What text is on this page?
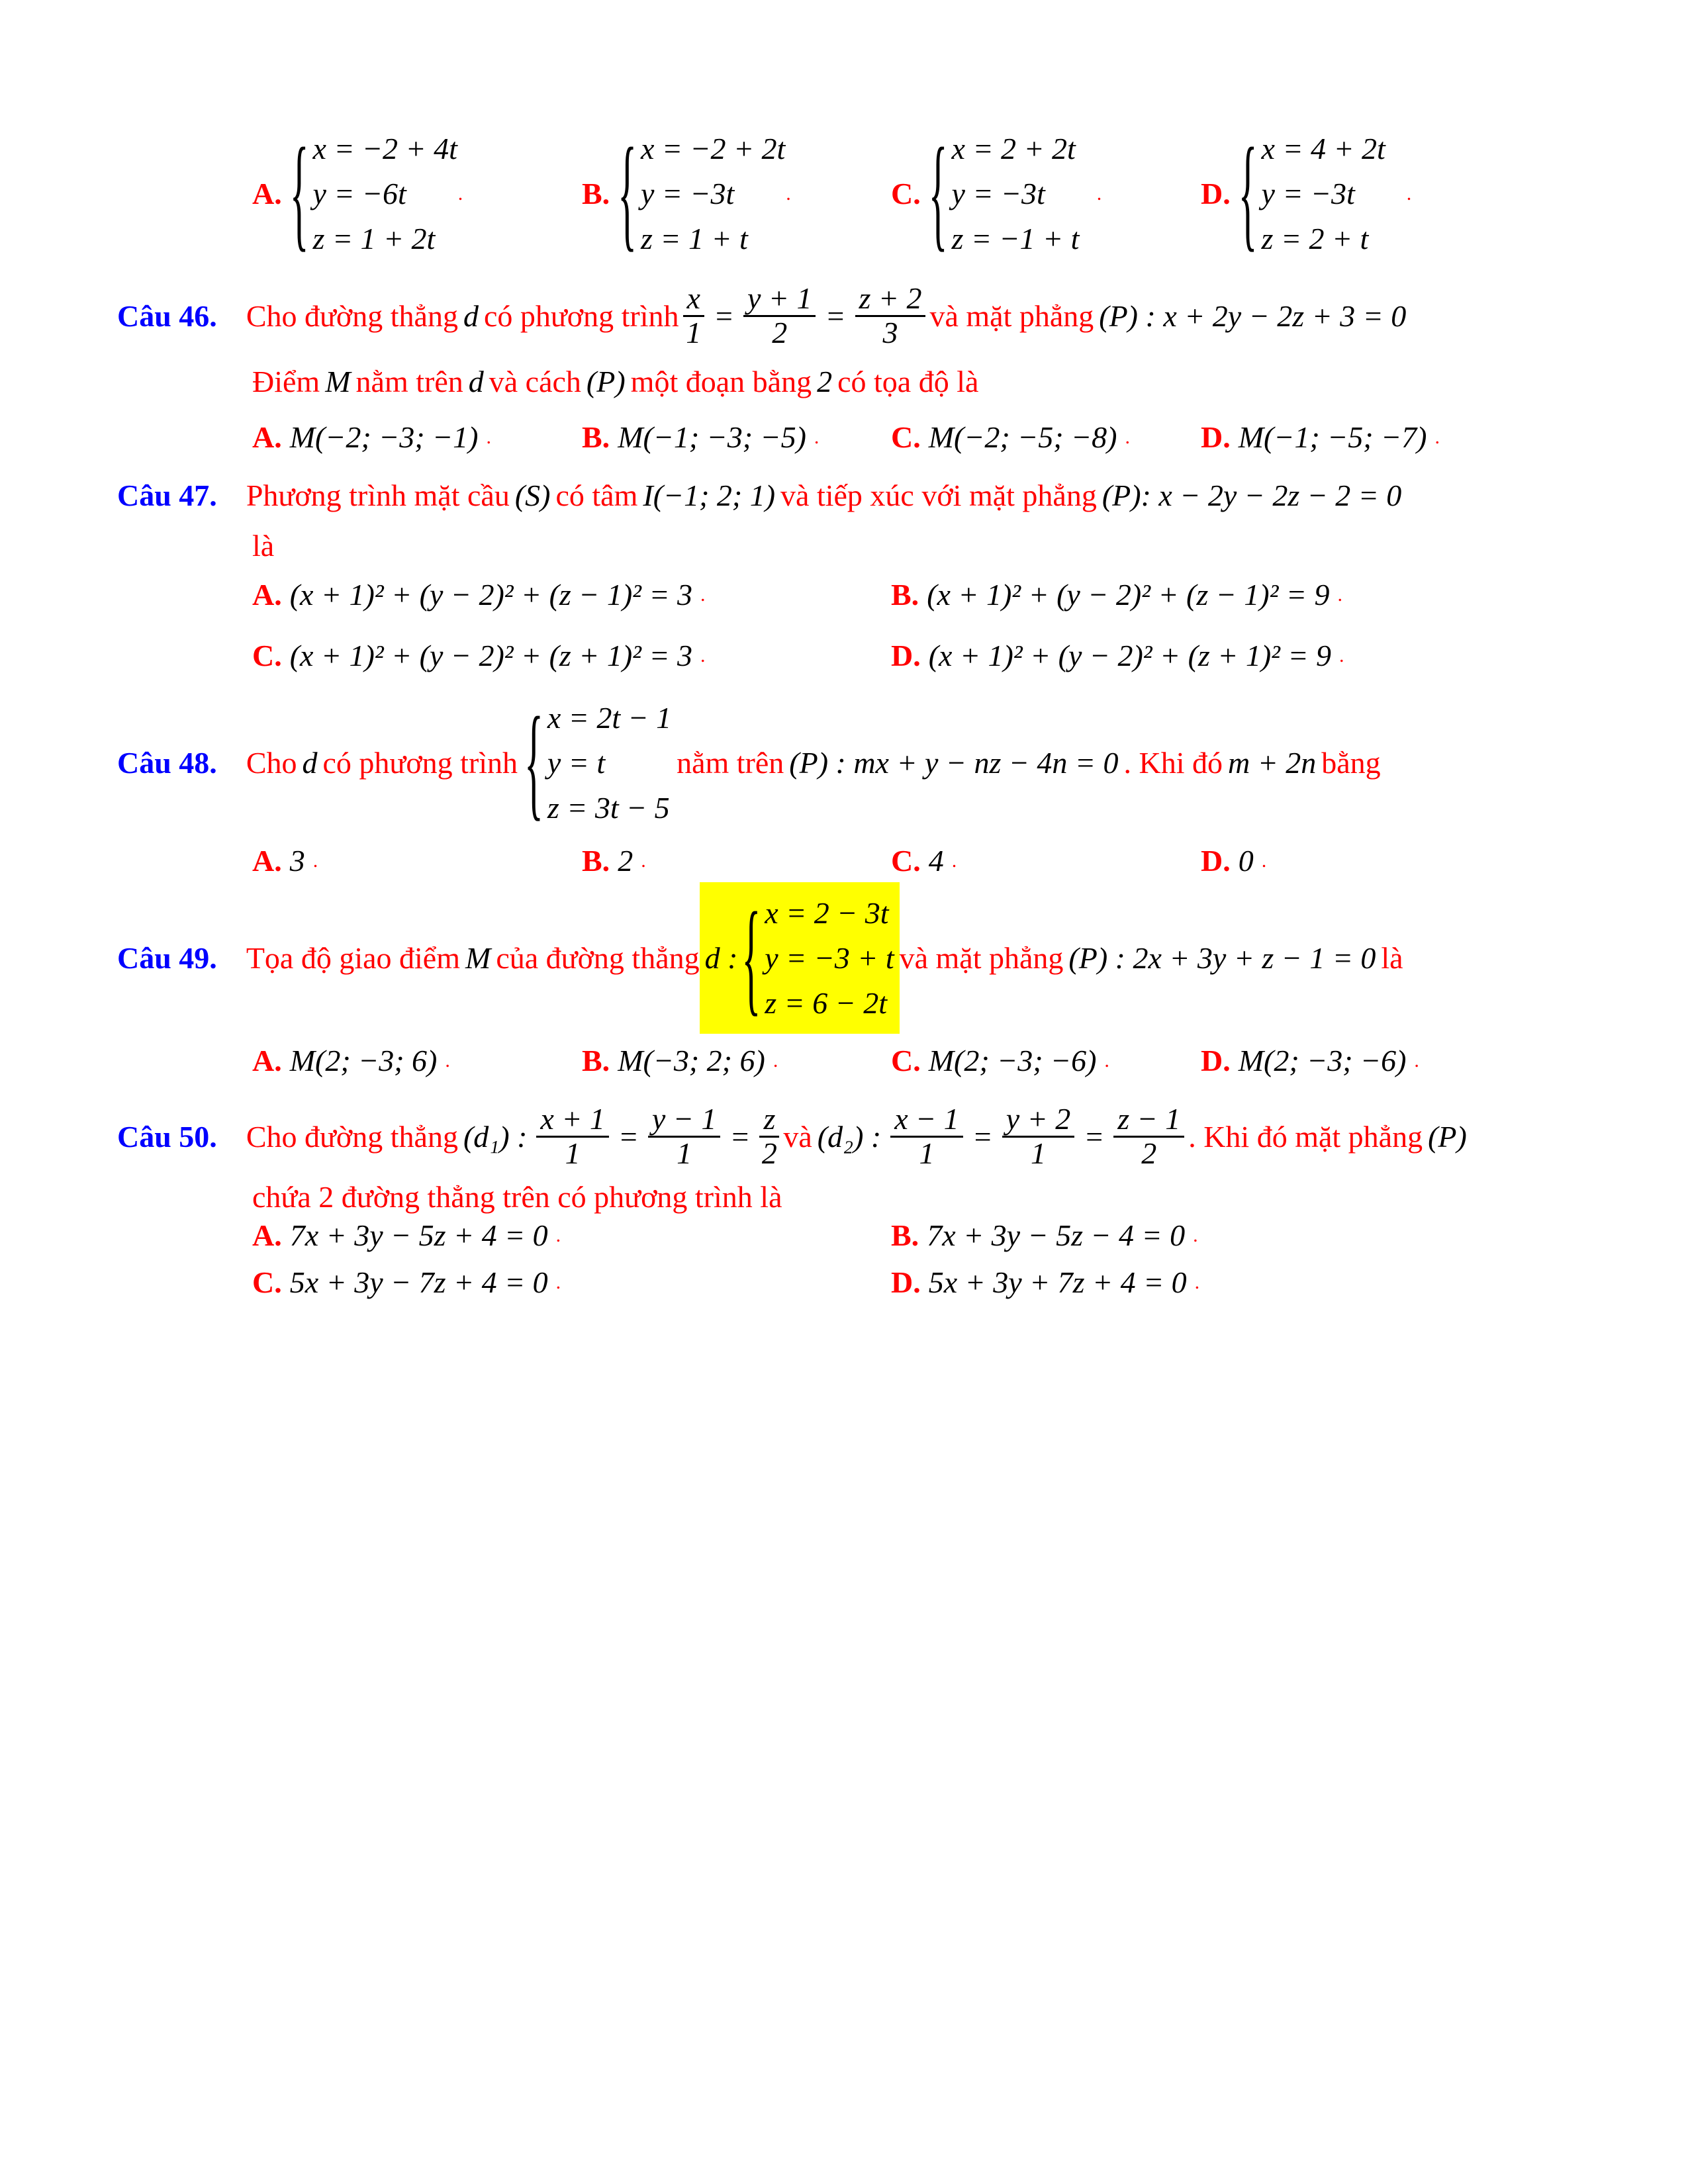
A. { x = −2 + 4t
y = −6t
z = 1 + 2t
.	B. { x = −2 + 2t
y = −3t
z = 1 + t
.	C. { x = 2 + 2t
y = −3t
z = −1 + t
.	D. { x = 4 + 2t
y = −3t
z = 2 + t
.
Câu 46. Cho đường thẳng d có phương trình $\frac{x}{1} = \frac{y + 1}{2} = \frac{z + 2}{3}$ và mặt phẳng (P) : x + 2y − 2z + 3 = 0
Điểm M nằm trên d và cách (P) một đoạn bằng 2 có tọa độ là
A. M(−2; −3; −1) .	B. M(−1; −3; −5) . C. M(−2; −5; −8) . D. M(−1; −5; −7) .
Câu 47. Phương trình mặt cầu (S) có tâm I(−1; 2; 1) và tiếp xúc với mặt phẳng (P): x − 2y − 2z − 2 = 0
là
A. (x + 1)² + (y − 2)² + (z − 1)² = 3 .	B. (x + 1)² + (y − 2)² + (z − 1)² = 9 .
C. (x + 1)² + (y − 2)² + (z + 1)² = 3 .	D. (x + 1)² + (y − 2)² + (z + 1)² = 9 .
Câu 48. Cho d có phương trình { x = 2t − 1
y = t
z = 3t − 5
nằm trên (P) : mx + y − nz − 4n = 0 . Khi đó m + 2n bằng
A. 3 .	B. 2 .	C. 4 .	D. 0 .
Câu 49. Tọa độ giao điểm M của đường thẳng d : { x = 2 − 3t
y = −3 + t
z = 6 − 2t
và mặt phẳng (P) : 2x + 3y + z − 1 = 0 là
A. M(2; −3; 6) .	B. M(−3; 2; 6) .	C. M(2; −3; −6) .	D. M(2; −3; −6) .
Câu 50. Cho đường thẳng (d₁) : $\frac{x + 1}{1} = \frac{y - 1}{1} = \frac{z}{2}$ và (d₂) : $\frac{x - 1}{1} = \frac{y + 2}{1} = \frac{z - 1}{2}$ . Khi đó mặt phẳng (P)
chứa 2 đường thẳng trên có phương trình là
A. 7x + 3y − 5z + 4 = 0 .	B. 7x + 3y − 5z − 4 = 0 .
C. 5x + 3y − 7z + 4 = 0 .	D. 5x + 3y + 7z + 4 = 0 .
